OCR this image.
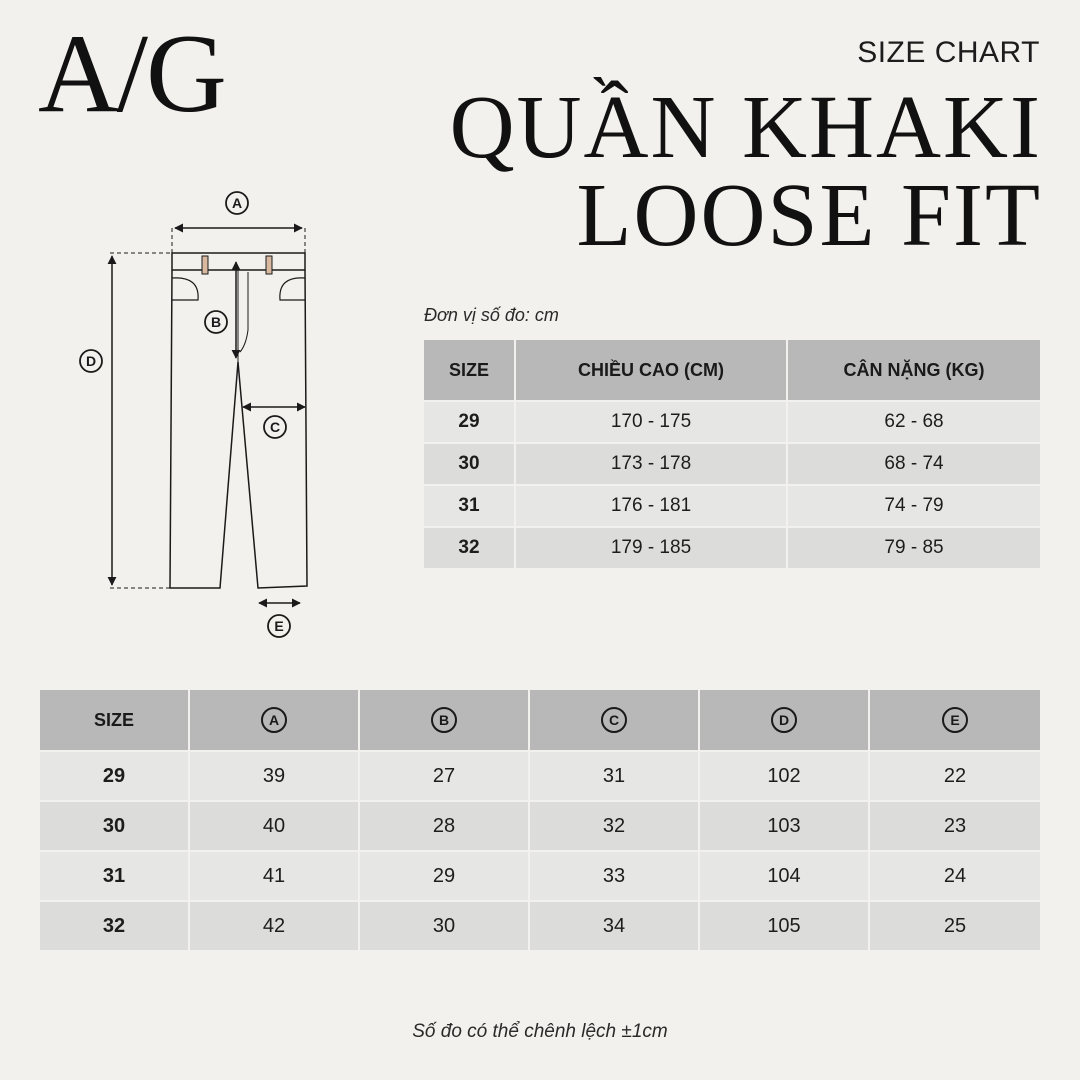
A/G	SIZE CHART
QUẦN KHAKI
LOOSE FIT
A
B
C
D
E
Đơn vị số đo: cm
SIZE	CHIỀU CAO (CM)	CÂN NẶNG (KG)
29	170 - 175	62 - 68
30	173 - 178	68 - 74
31	176 - 181	74 - 79
32	179 - 185	79 - 85
SIZE	A	B	C	D	E
29	39	27	31	102	22
30	40	28	32	103	23
31	41	29	33	104	24
32	42	30	34	105	25
Số đo có thể chênh lệch ±1cm
